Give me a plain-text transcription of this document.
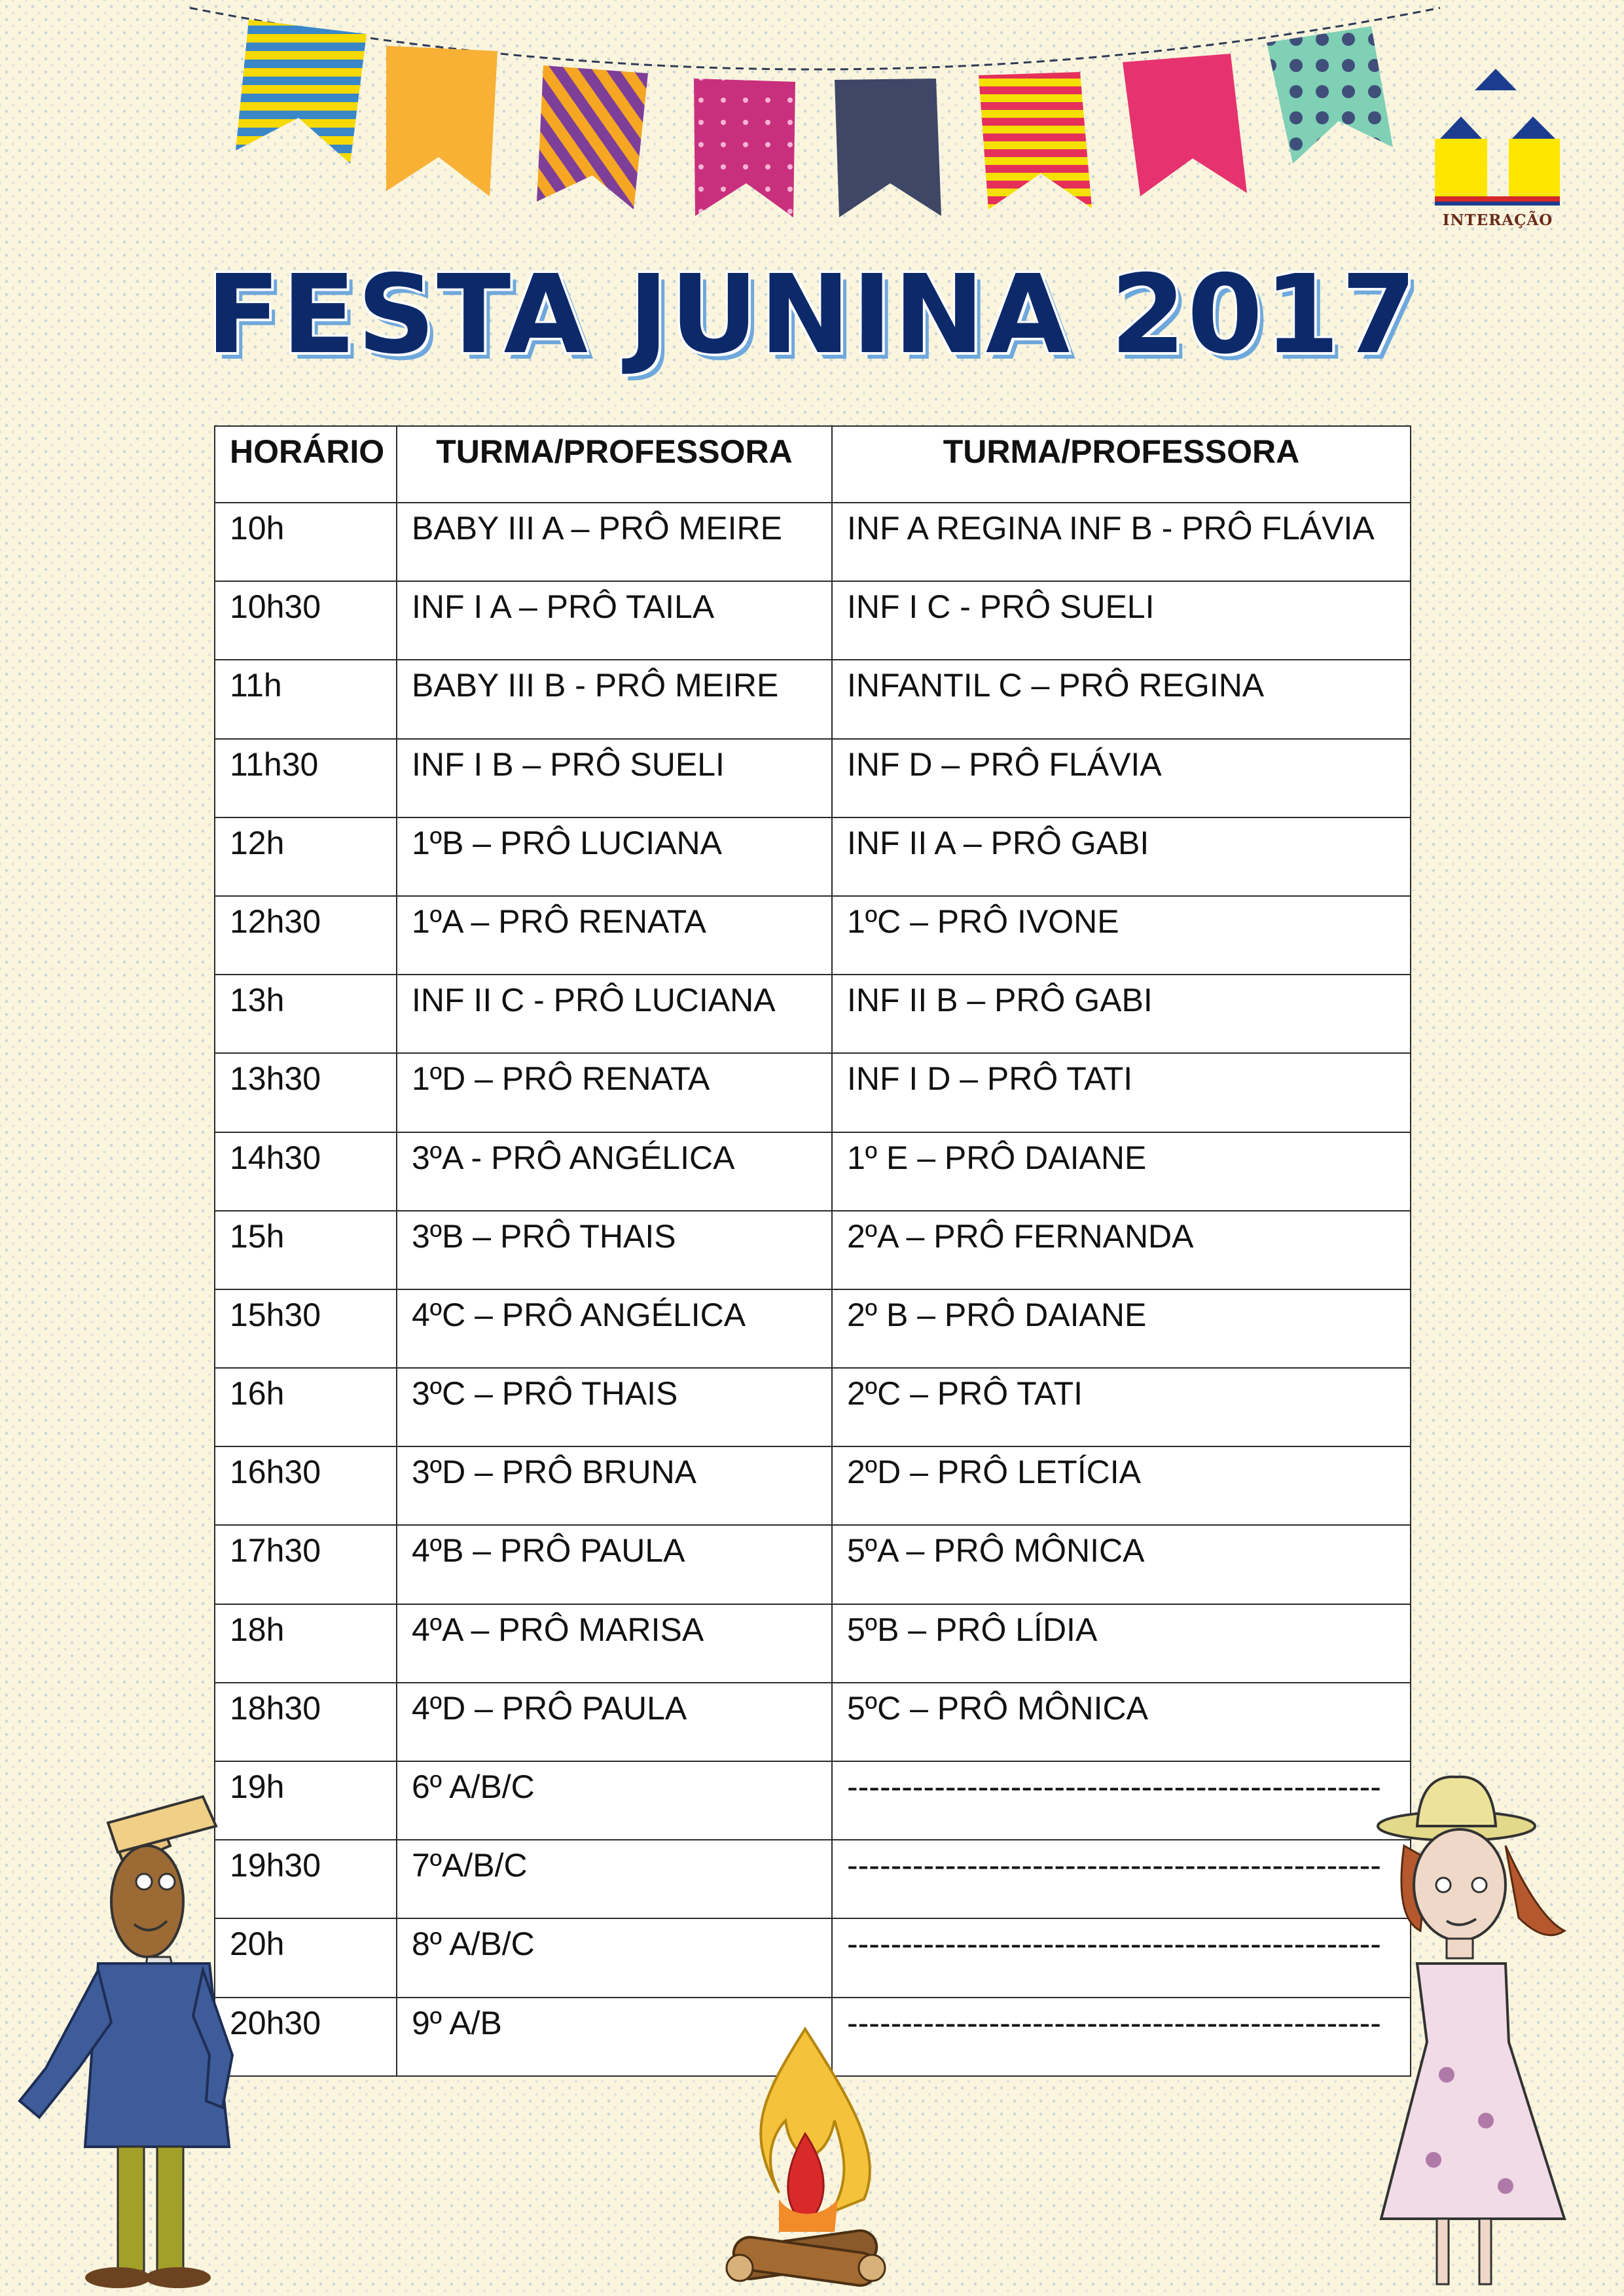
INTERAÇÃO
FESTA JUNINA 2017
HORÁRIO	TURMA/PROFESSORA	TURMA/PROFESSORA
10h	BABY III A – PRÔ MEIRE	INF A REGINA INF B - PRÔ FLÁVIA
10h30	INF I A – PRÔ TAILA	INF I C - PRÔ SUELI
11h	BABY III B - PRÔ MEIRE	INFANTIL C – PRÔ REGINA
11h30	INF I B – PRÔ SUELI	INF D – PRÔ FLÁVIA
12h	1ºB – PRÔ LUCIANA	INF II A – PRÔ GABI
12h30	1ºA – PRÔ RENATA	1ºC – PRÔ IVONE
13h	INF II C - PRÔ LUCIANA	INF II B – PRÔ GABI
13h30	1ºD – PRÔ RENATA	INF I D – PRÔ TATI
14h30	3ºA - PRÔ ANGÉLICA	1º E – PRÔ DAIANE
15h	3ºB – PRÔ THAIS	2ºA – PRÔ FERNANDA
15h30	4ºC – PRÔ ANGÉLICA	2º B – PRÔ DAIANE
16h	3ºC – PRÔ THAIS	2ºC – PRÔ TATI
16h30	3ºD – PRÔ BRUNA	2ºD – PRÔ LETÍCIA
17h30	4ºB – PRÔ PAULA	5ºA – PRÔ MÔNICA
18h	4ºA – PRÔ MARISA	5ºB – PRÔ LÍDIA
18h30	4ºD – PRÔ PAULA	5ºC – PRÔ MÔNICA
19h	6º A/B/C	-------------------------------------------------
19h30	7ºA/B/C	-------------------------------------------------
20h	8º A/B/C	-------------------------------------------------
20h30	9º A/B	-------------------------------------------------
